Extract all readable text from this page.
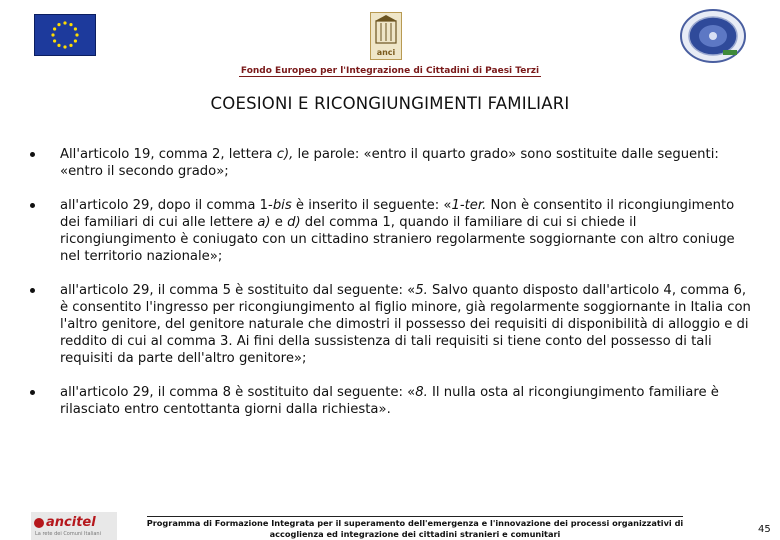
anci
Fondo Europeo per l'Integrazione di Cittadini di Paesi Terzi
COESIONI E RICONGIUNGIMENTI FAMILIARI

All'articolo 19, comma 2, lettera c), le parole: «entro il quarto grado» sono sostituite dalle seguenti: «entro il secondo grado»;

all'articolo 29, dopo il comma 1-bis è inserito il seguente: «1-ter. Non è consentito il ricongiungimento dei familiari di cui alle lettere a) e d) del comma 1, quando il familiare di cui si chiede il ricongiungimento è coniugato con un cittadino straniero regolarmente soggiornante con altro coniuge nel territorio nazionale»;

all'articolo 29, il comma 5 è sostituito dal seguente: «5. Salvo quanto disposto dall'articolo 4, comma 6, è consentito l'ingresso per ricongiungimento al figlio minore, già regolarmente soggiornante in Italia con l'altro genitore, del genitore naturale che dimostri il possesso dei requisiti di disponibilità di alloggio e di reddito di cui al comma 3. Ai fini della sussistenza di tali requisiti si tiene conto del possesso di tali requisiti da parte dell'altro genitore»;

all'articolo 29, il comma 8 è sostituito dal seguente: «8. Il nulla osta al ricongiungimento familiare è rilasciato entro centottanta giorni dalla richiesta».

ancitel
La rete dei Comuni Italiani
Programma di Formazione Integrata per il superamento dell'emergenza e l'innovazione dei processi organizzativi di
accoglienza ed integrazione dei cittadini stranieri e comunitari	45
